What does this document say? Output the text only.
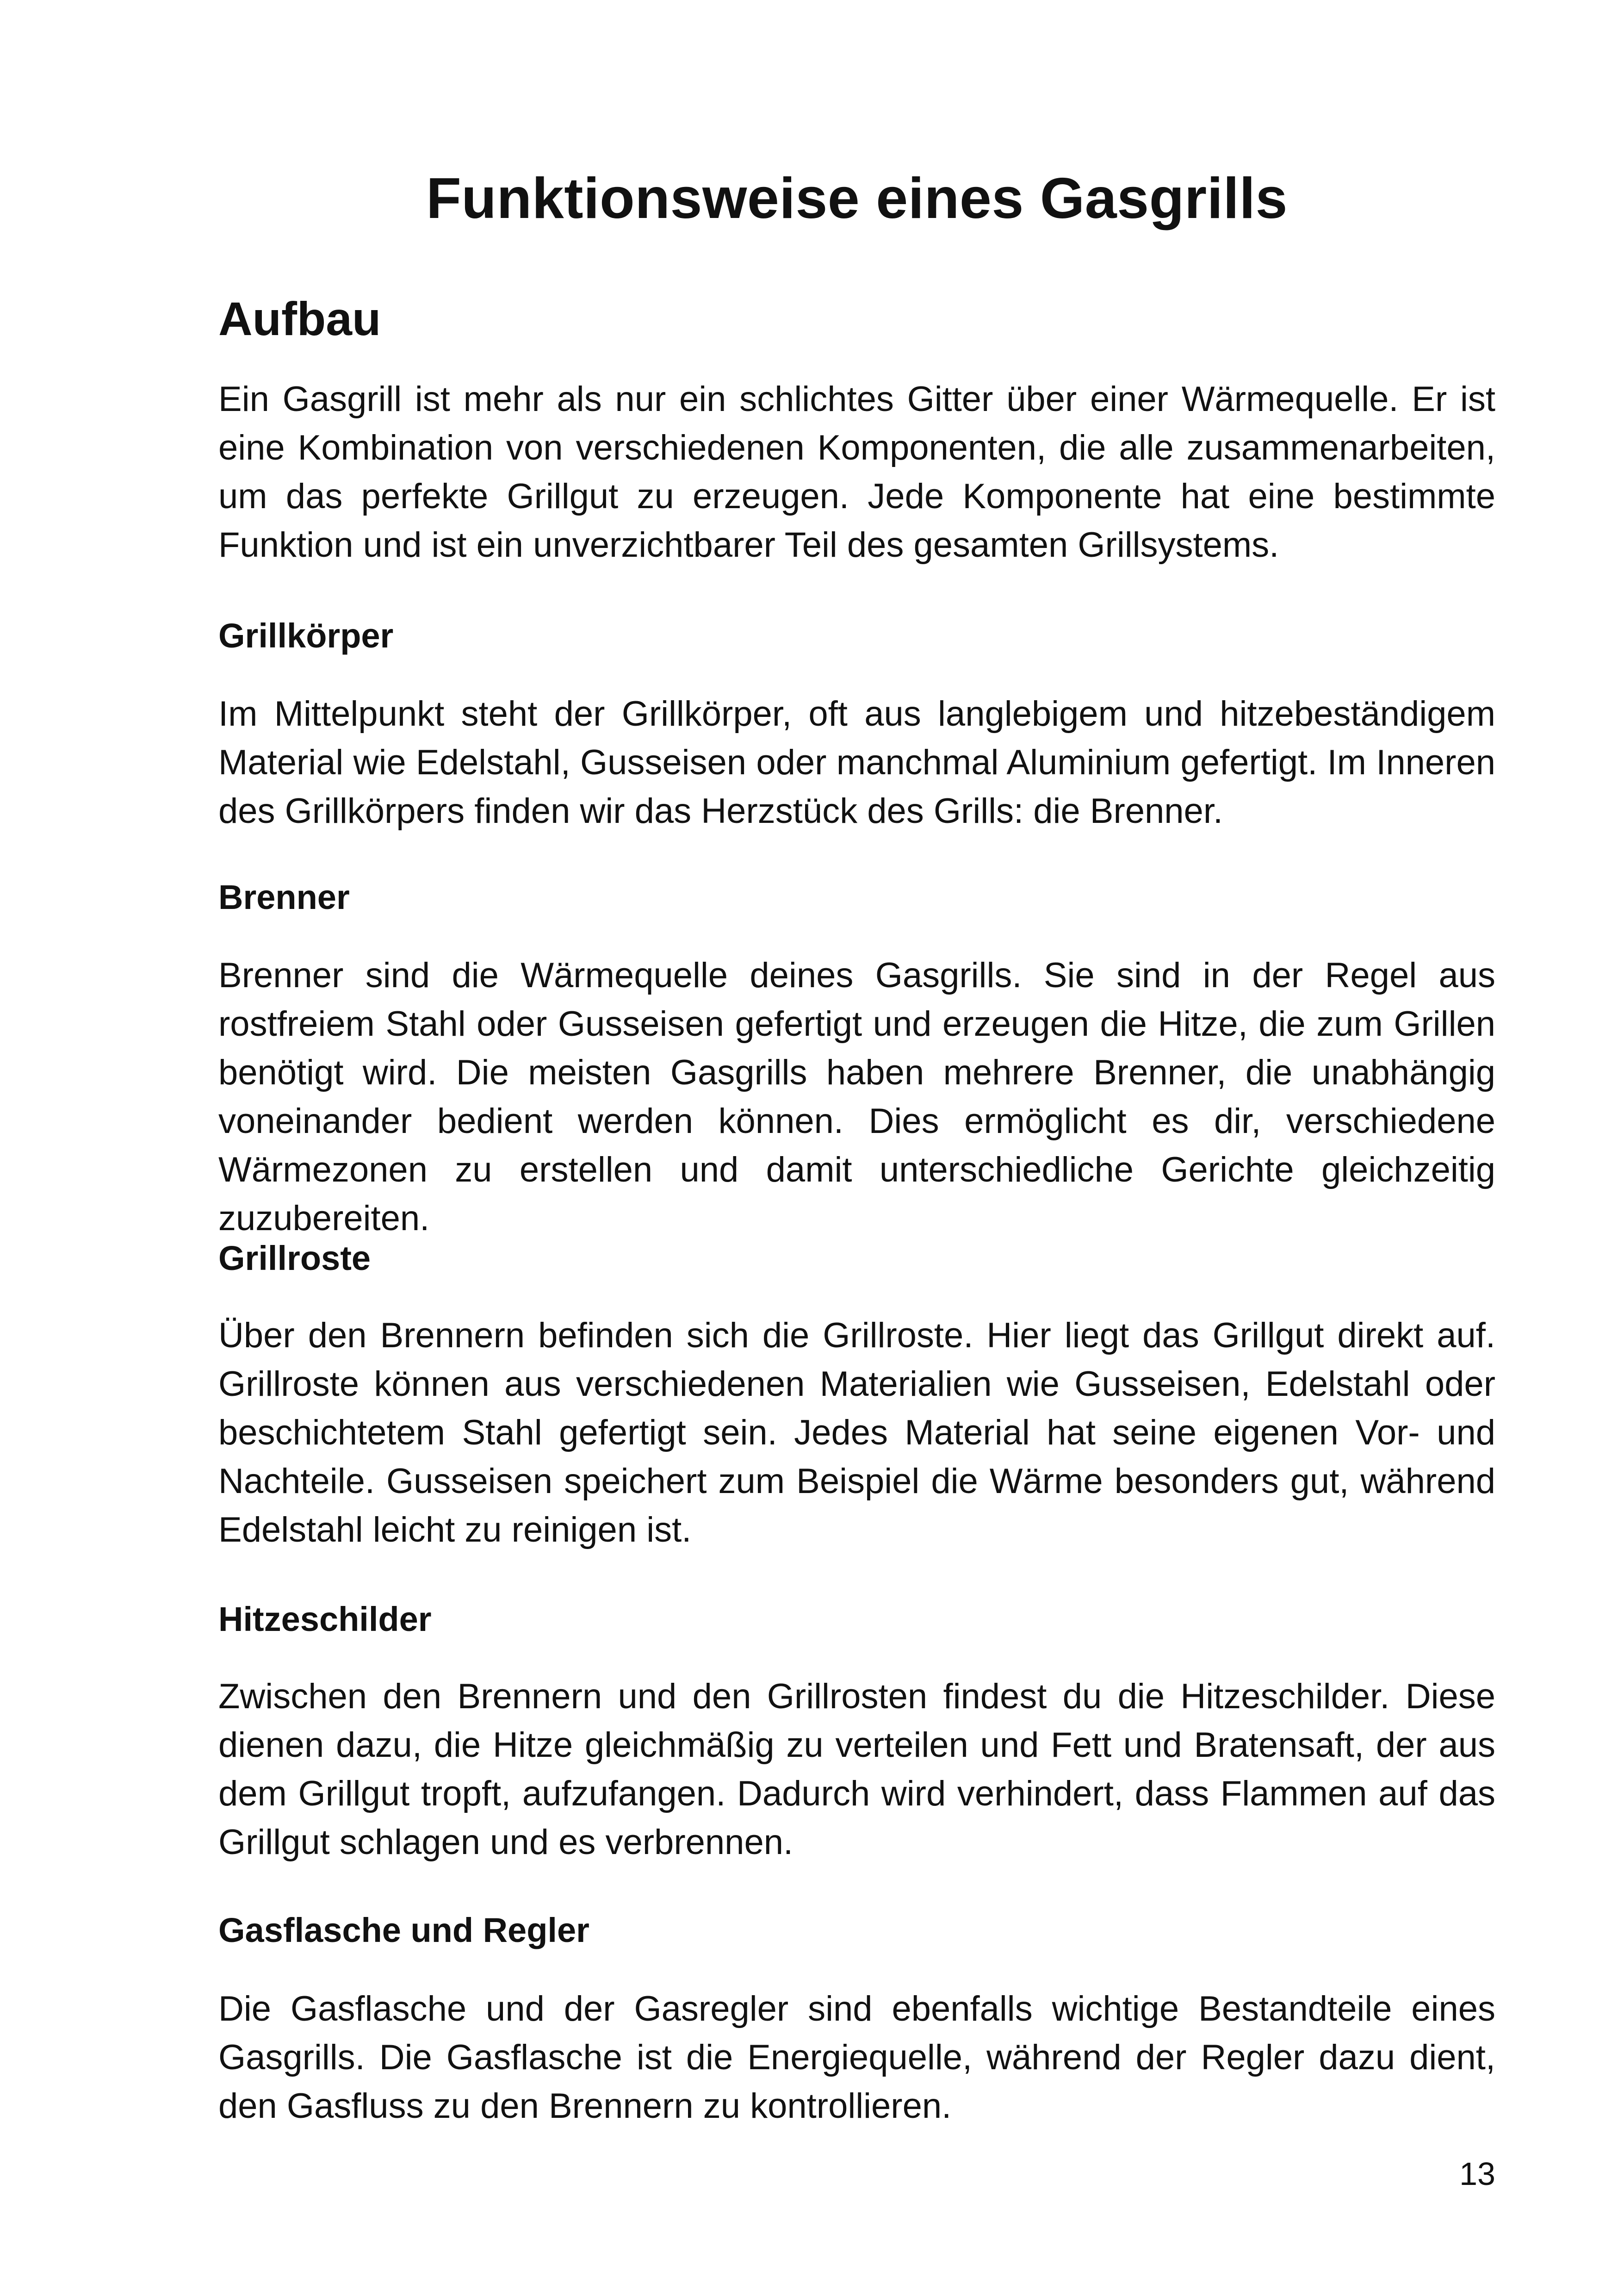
Funktionsweise eines Gasgrills
Aufbau

Ein Gasgrill ist mehr als nur ein schlichtes Gitter über einer Wärmequelle. Er ist eine Kombination von verschiedenen Komponenten, die alle zusammenarbeiten, um das perfekte Grillgut zu erzeugen. Jede Komponente hat eine bestimmte Funktion und ist ein unverzichtbarer Teil des gesamten Grillsystems.

Grillkörper

Im Mittelpunkt steht der Grillkörper, oft aus langlebigem und hitzebeständigem Material wie Edelstahl, Gusseisen oder manchmal Aluminium gefertigt. Im Inneren des Grillkörpers finden wir das Herzstück des Grills: die Brenner.

Brenner

Brenner sind die Wärmequelle deines Gasgrills. Sie sind in der Regel aus rostfreiem Stahl oder Gusseisen gefertigt und erzeugen die Hitze, die zum Grillen benötigt wird. Die meisten Gasgrills haben mehrere Brenner, die unabhängig voneinander bedient werden können. Dies ermöglicht es dir, verschiedene Wärmezonen zu erstellen und damit unterschiedliche Gerichte gleichzeitig zuzubereiten.

Grillroste

Über den Brennern befinden sich die Grillroste. Hier liegt das Grillgut direkt auf. Grillroste können aus verschiedenen Materialien wie Gusseisen, Edelstahl oder beschichtetem Stahl gefertigt sein. Jedes Material hat seine eigenen Vor- und Nachteile. Gusseisen speichert zum Beispiel die Wärme besonders gut, während Edelstahl leicht zu reinigen ist.

Hitzeschilder

Zwischen den Brennern und den Grillrosten findest du die Hitzeschilder. Diese dienen dazu, die Hitze gleichmäßig zu verteilen und Fett und Bratensaft, der aus dem Grillgut tropft, aufzufangen. Dadurch wird verhindert, dass Flammen auf das Grillgut schlagen und es verbrennen.

Gasflasche und Regler

Die Gasflasche und der Gasregler sind ebenfalls wichtige Bestandteile eines Gasgrills. Die Gasflasche ist die Energiequelle, während der Regler dazu dient, den Gasfluss zu den Brennern zu kontrollieren.

13
